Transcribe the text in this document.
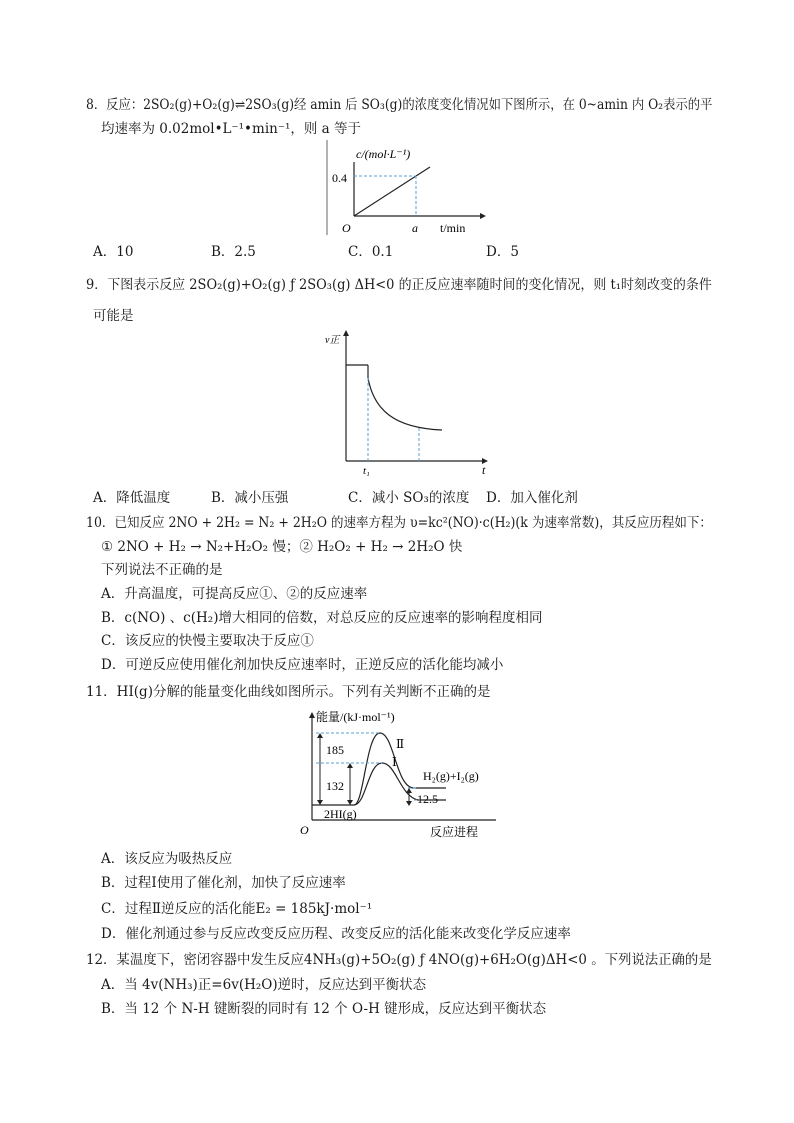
8．反应：2SO₂(g)+O₂(g)⇌2SO₃(g)经 amin 后 SO₃(g)的浓度变化情况如下图所示，在 0~amin 内 O₂表示的平
均速率为 0.02mol•L⁻¹•min⁻¹，则 a 等于
c/(mol·L⁻¹)
0.4
O	a t/min
A．10	B．2.5	C．0.1	D．5
9．下图表示反应 2SO₂(g)+O₂(g) ƒ 2SO₃(g) ΔH<0 的正反应速率随时间的变化情况，则 t₁时刻改变的条件
可能是
v正
t₁	t
A．降低温度	B．减小压强	C．减小 SO₃的浓度 D．加入催化剂
10．已知反应 2NO + 2H₂ = N₂ + 2H₂O 的速率方程为 υ=kc²(NO)·c(H₂)(k 为速率常数)，其反应历程如下：
① 2NO + H₂ → N₂+H₂O₂ 慢；② H₂O₂ + H₂ → 2H₂O 快
下列说法不正确的是
A．升高温度，可提高反应①、②的反应速率
B．c(NO) 、c(H₂)增大相同的倍数，对总反应的反应速率的影响程度相同
C．该反应的快慢主要取决于反应①
D．可逆反应使用催化剂加快反应速率时，正逆反应的活化能均减小
11．HI(g)分解的能量变化曲线如图所示。下列有关判断不正确的是
能量/(kJ·mol⁻¹)
185
132
12.5
2HI(g)
H₂(g)+I₂(g)
Ⅱ
Ⅰ
O	反应进程
A．该反应为吸热反应
B．过程Ⅰ使用了催化剂，加快了反应速率
C．过程Ⅱ逆反应的活化能E₂ = 185kJ·mol⁻¹
D．催化剂通过参与反应改变反应历程、改变反应的活化能来改变化学反应速率
12．某温度下，密闭容器中发生反应4NH₃(g)+5O₂(g) ƒ 4NO(g)+6H₂O(g)ΔH<0 。下列说法正确的是
A．当 4v(NH₃)正=6v(H₂O)逆时，反应达到平衡状态
B．当 12 个 N-H 键断裂的同时有 12 个 O-H 键形成，反应达到平衡状态
